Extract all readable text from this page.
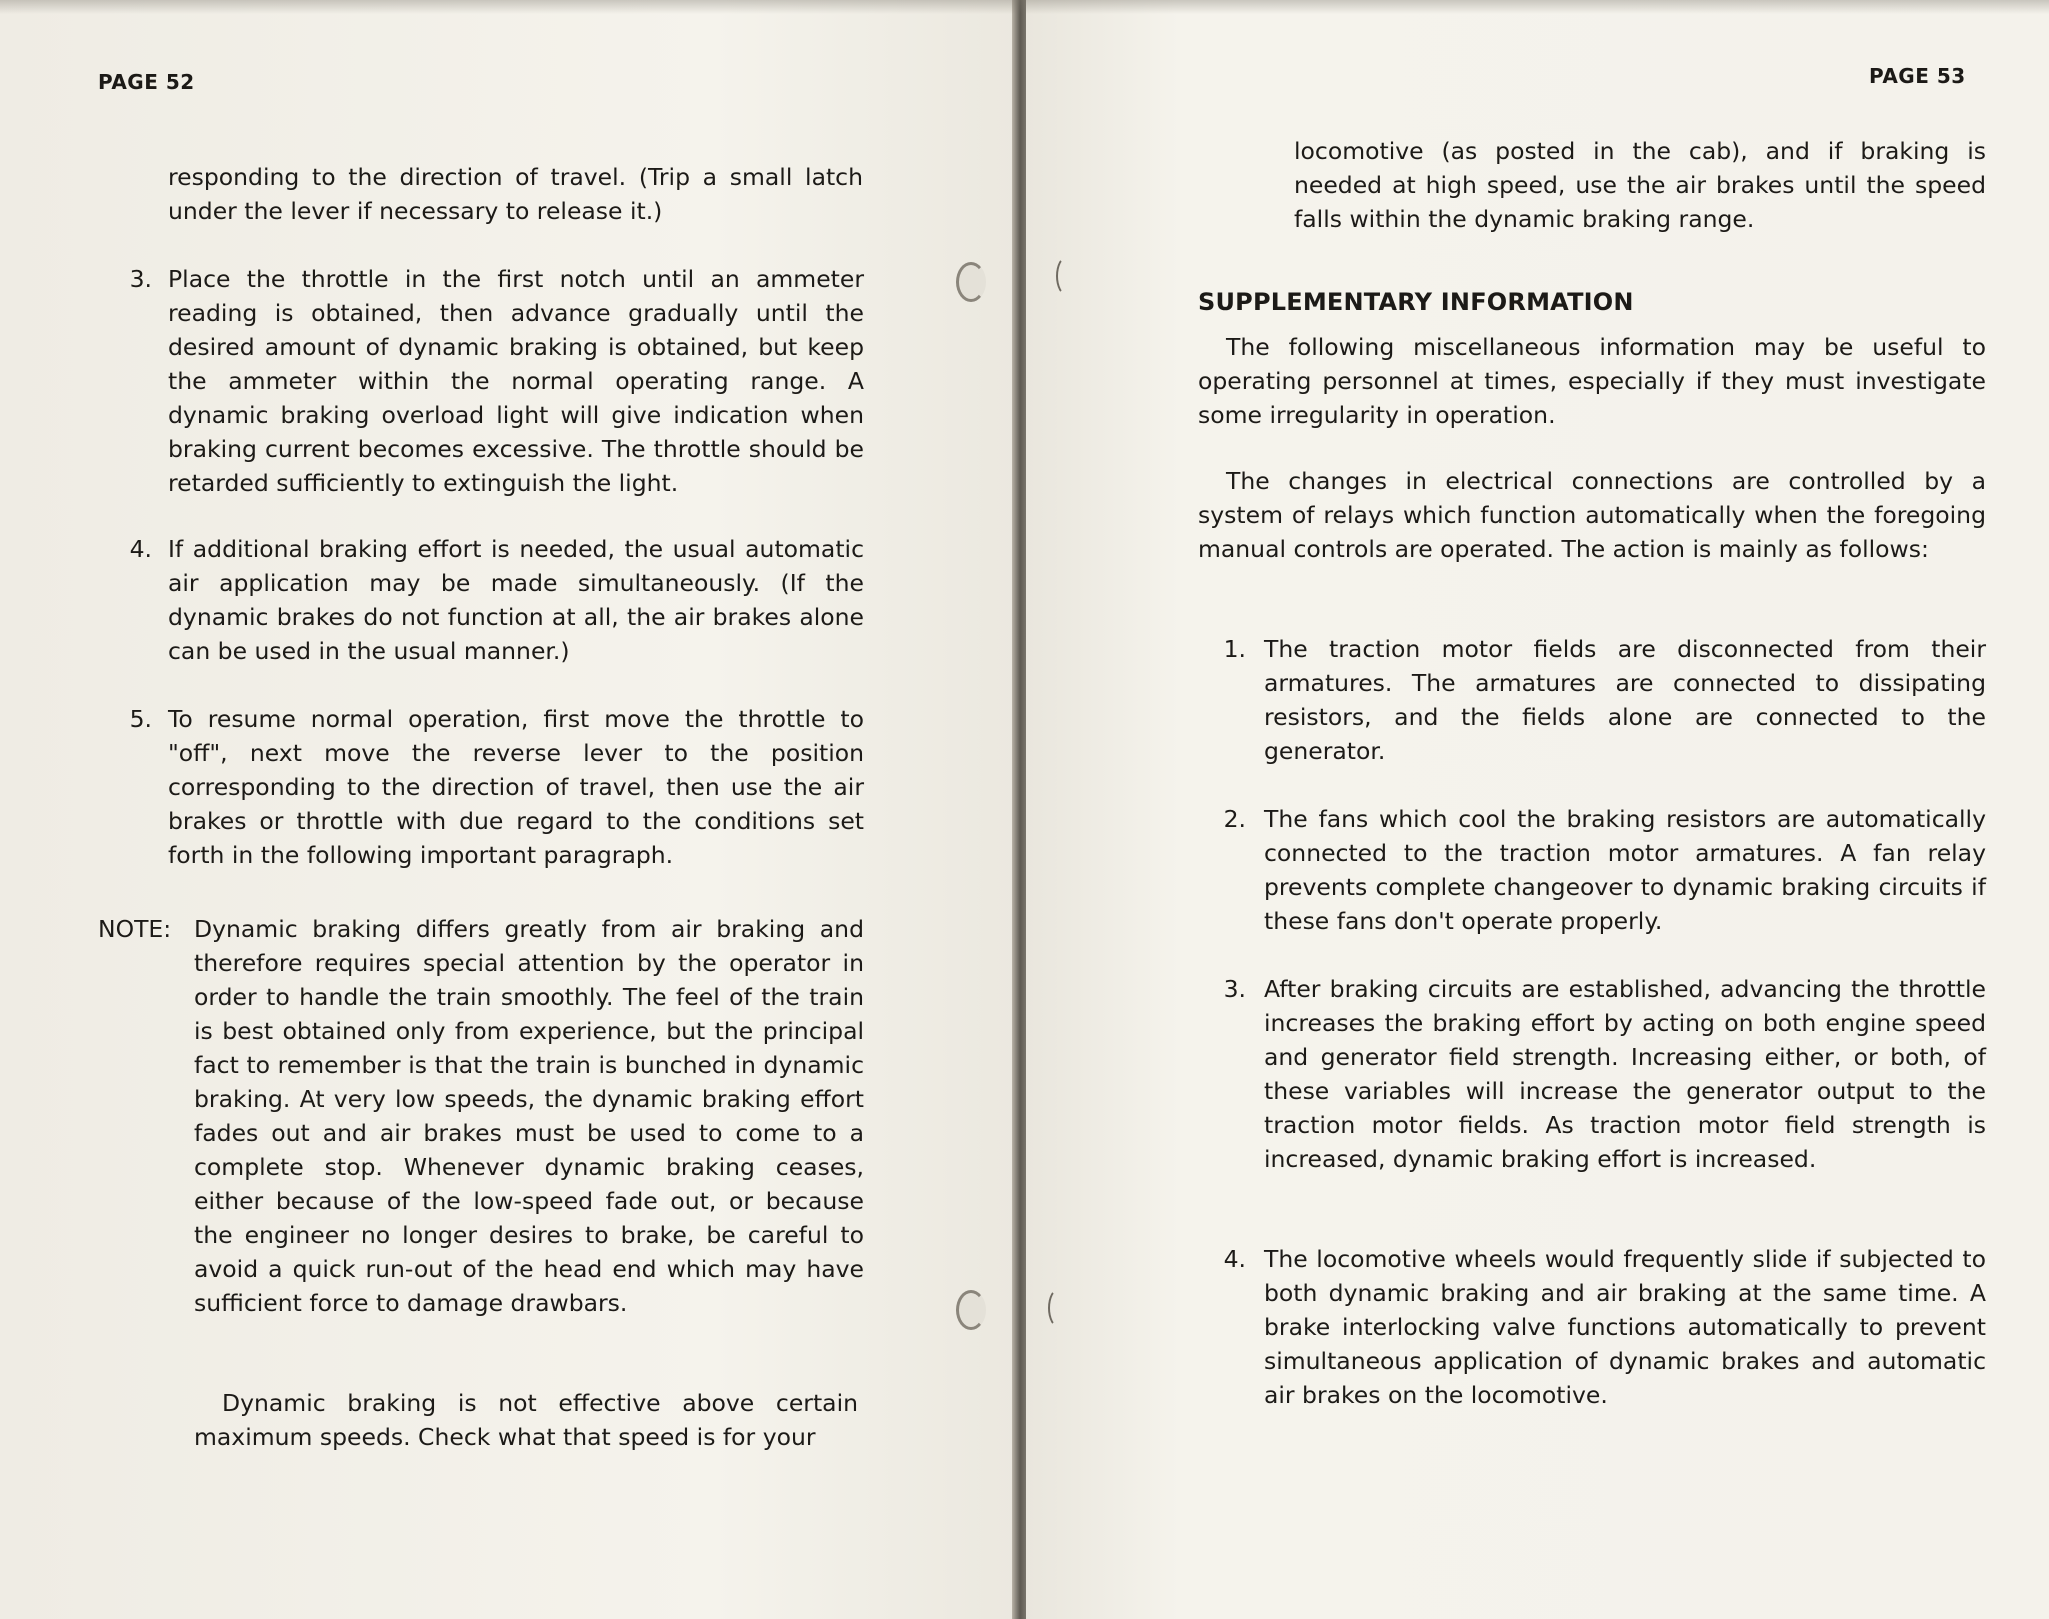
PAGE 52
responding to the direction of travel. (Trip a small latch under the lever if necessary to release it.)
3. Place the throttle in the first notch until an ammeter reading is obtained, then advance gradually until the desired amount of dynamic braking is obtained, but keep the ammeter within the normal operating range. A dynamic braking overload light will give indication when braking current becomes excessive. The throttle should be retarded sufficiently to extinguish the light.
4. If additional braking effort is needed, the usual automatic air application may be made simultaneously. (If the dynamic brakes do not function at all, the air brakes alone can be used in the usual manner.)
5. To resume normal operation, first move the throttle to "off", next move the reverse lever to the position corresponding to the direction of travel, then use the air brakes or throttle with due regard to the conditions set forth in the following important paragraph.
NOTE: Dynamic braking differs greatly from air braking and therefore requires special attention by the operator in order to handle the train smoothly. The feel of the train is best obtained only from experience, but the principal fact to remember is that the train is bunched in dynamic braking. At very low speeds, the dynamic braking effort fades out and air brakes must be used to come to a complete stop. Whenever dynamic braking ceases, either because of the low-speed fade out, or because the engineer no longer desires to brake, be careful to avoid a quick run-out of the head end which may have sufficient force to damage drawbars.
Dynamic braking is not effective above certain maximum speeds. Check what that speed is for your
PAGE 53
locomotive (as posted in the cab), and if braking is needed at high speed, use the air brakes until the speed falls within the dynamic braking range.
SUPPLEMENTARY INFORMATION
The following miscellaneous information may be useful to operating personnel at times, especially if they must investigate some irregularity in operation.
The changes in electrical connections are controlled by a system of relays which function automatically when the foregoing manual controls are operated. The action is mainly as follows:
1. The traction motor fields are disconnected from their armatures. The armatures are connected to dissipating resistors, and the fields alone are connected to the generator.
2. The fans which cool the braking resistors are automatically connected to the traction motor armatures. A fan relay prevents complete changeover to dynamic braking circuits if these fans don't operate properly.
3. After braking circuits are established, advancing the throttle increases the braking effort by acting on both engine speed and generator field strength. Increasing either, or both, of these variables will increase the generator output to the traction motor fields. As traction motor field strength is increased, dynamic braking effort is increased.
4. The locomotive wheels would frequently slide if subjected to both dynamic braking and air braking at the same time. A brake interlocking valve functions automatically to prevent simultaneous application of dynamic brakes and automatic air brakes on the locomotive.
